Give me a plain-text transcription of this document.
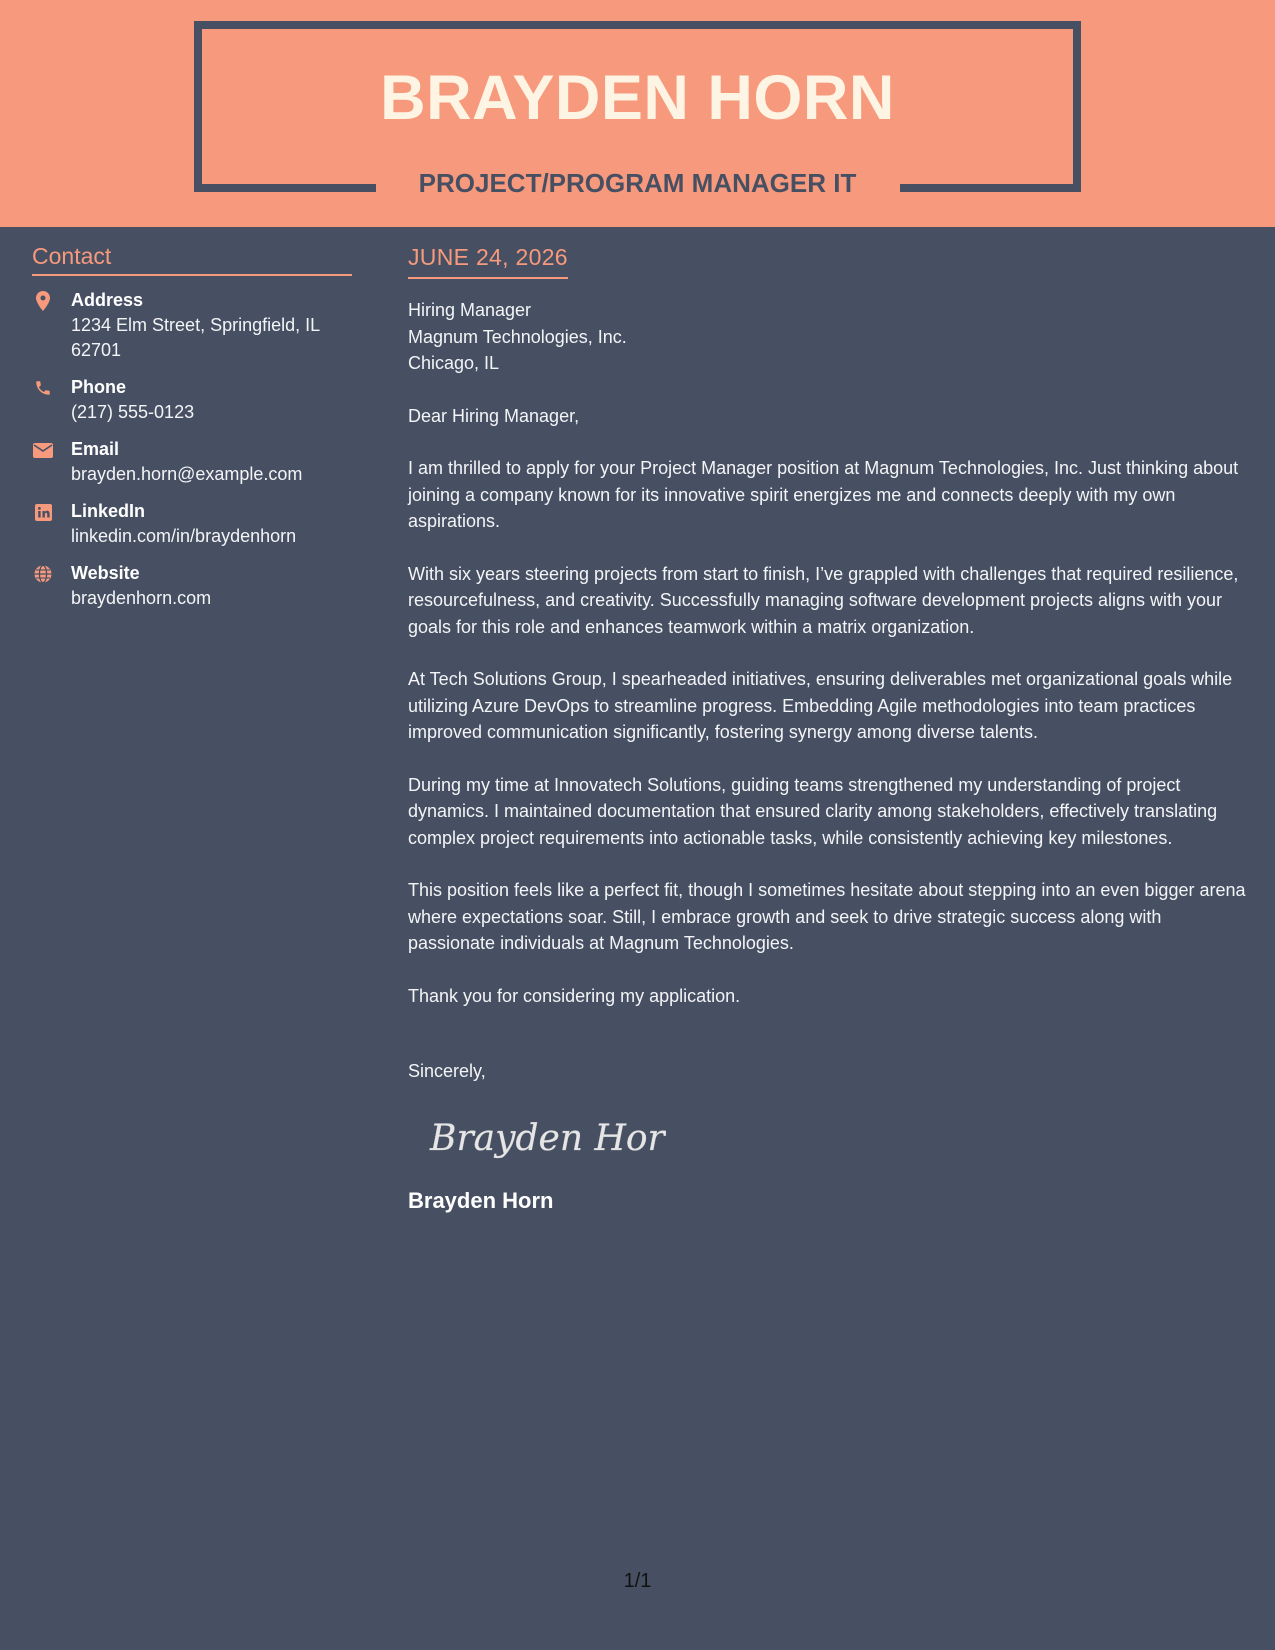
BRAYDEN HORN
PROJECT/PROGRAM MANAGER IT
Contact
Address
1234 Elm Street, Springfield, IL 62701
Phone
(217) 555-0123
Email
brayden.horn@example.com
LinkedIn
linkedin.com/in/braydenhorn
Website
braydenhorn.com
JUNE 24, 2026
Hiring Manager
Magnum Technologies, Inc.
Chicago, IL
Dear Hiring Manager,
I am thrilled to apply for your Project Manager position at Magnum Technologies, Inc. Just thinking about joining a company known for its innovative spirit energizes me and connects deeply with my own aspirations.
With six years steering projects from start to finish, I’ve grappled with challenges that required resilience, resourcefulness, and creativity. Successfully managing software development projects aligns with your goals for this role and enhances teamwork within a matrix organization.
At Tech Solutions Group, I spearheaded initiatives, ensuring deliverables met organizational goals while utilizing Azure DevOps to streamline progress. Embedding Agile methodologies into team practices improved communication significantly, fostering synergy among diverse talents.
During my time at Innovatech Solutions, guiding teams strengthened my understanding of project dynamics. I maintained documentation that ensured clarity among stakeholders, effectively translating complex project requirements into actionable tasks, while consistently achieving key milestones.
This position feels like a perfect fit, though I sometimes hesitate about stepping into an even bigger arena where expectations soar. Still, I embrace growth and seek to drive strategic success along with passionate individuals at Magnum Technologies.
Thank you for considering my application.
Sincerely,
Brayden Horn
Brayden Horn
1/1
